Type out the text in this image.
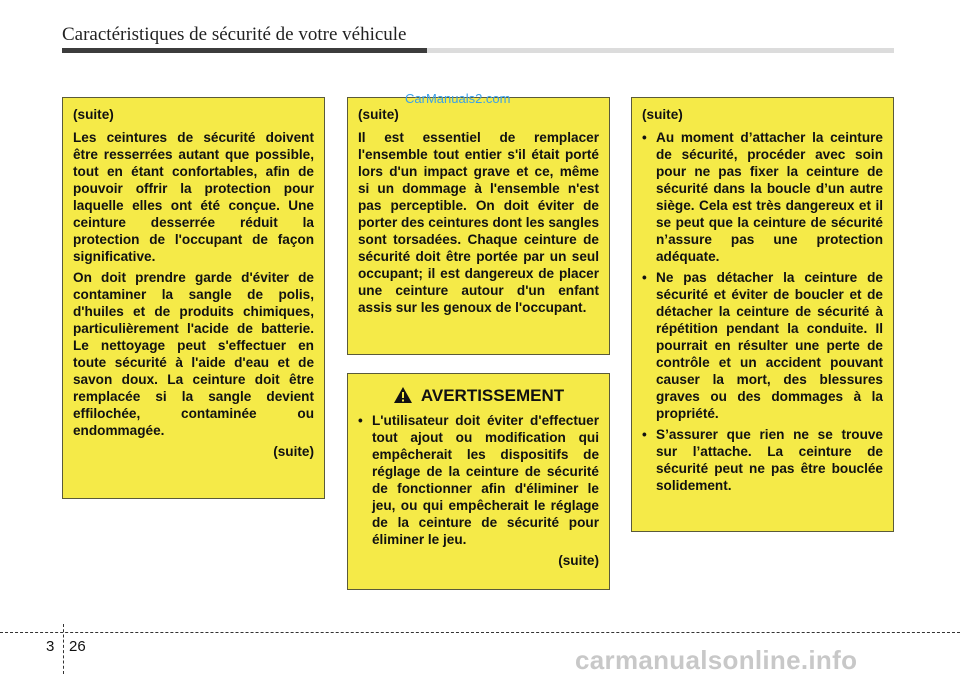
Caractéristiques de sécurité de votre véhicule

(suite)

Les ceintures de sécurité doivent être resserrées autant que possible, tout en étant confortables, afin de pouvoir offrir la protection pour laquelle elles ont été conçue. Une ceinture desserrée réduit la protection de l'occupant de façon significative.

On doit prendre garde d'éviter de contaminer la sangle de polis, d'huiles et de produits chimiques, particulièrement l'acide de batterie. Le nettoyage peut s'effectuer en toute sécurité à l'aide d'eau et de savon doux. La ceinture doit être remplacée si la sangle devient effilochée, contaminée ou endommagée.

(suite)

(suite)

Il est essentiel de remplacer l'ensemble tout entier s'il était porté lors d'un impact grave et ce, même si un dommage à l'ensemble n'est pas perceptible. On doit éviter de porter des ceintures dont les sangles sont torsadées. Chaque ceinture de sécurité doit être portée par un seul occupant; il est dangereux de placer une ceinture autour d'un enfant assis sur les genoux de l'occupant.

CarManuals2.com
AVERTISSEMENT
• L'utilisateur doit éviter d'effectuer tout ajout ou modification qui empêcherait les dispositifs de réglage de la ceinture de sécurité de fonctionner afin d'éliminer le jeu, ou qui empêcherait le réglage de la ceinture de sécurité pour éliminer le jeu.

(suite)

(suite)

• Au moment d’attacher la ceinture de sécurité, procéder avec soin pour ne pas fixer la ceinture de sécurité dans la boucle d’un autre siège. Cela est très dangereux et il se peut que la ceinture de sécurité n’assure pas une protection adéquate.
• Ne pas détacher la ceinture de sécurité et éviter de boucler et de détacher la ceinture de sécurité à répétition pendant la conduite. Il pourrait en résulter une perte de contrôle et un accident pouvant causer la mort, des blessures graves ou des dommages à la propriété.
• S’assurer que rien ne se trouve sur l’attache. La ceinture de sécurité peut ne pas être bouclée solidement.
3 26	carmanualsonline.info
